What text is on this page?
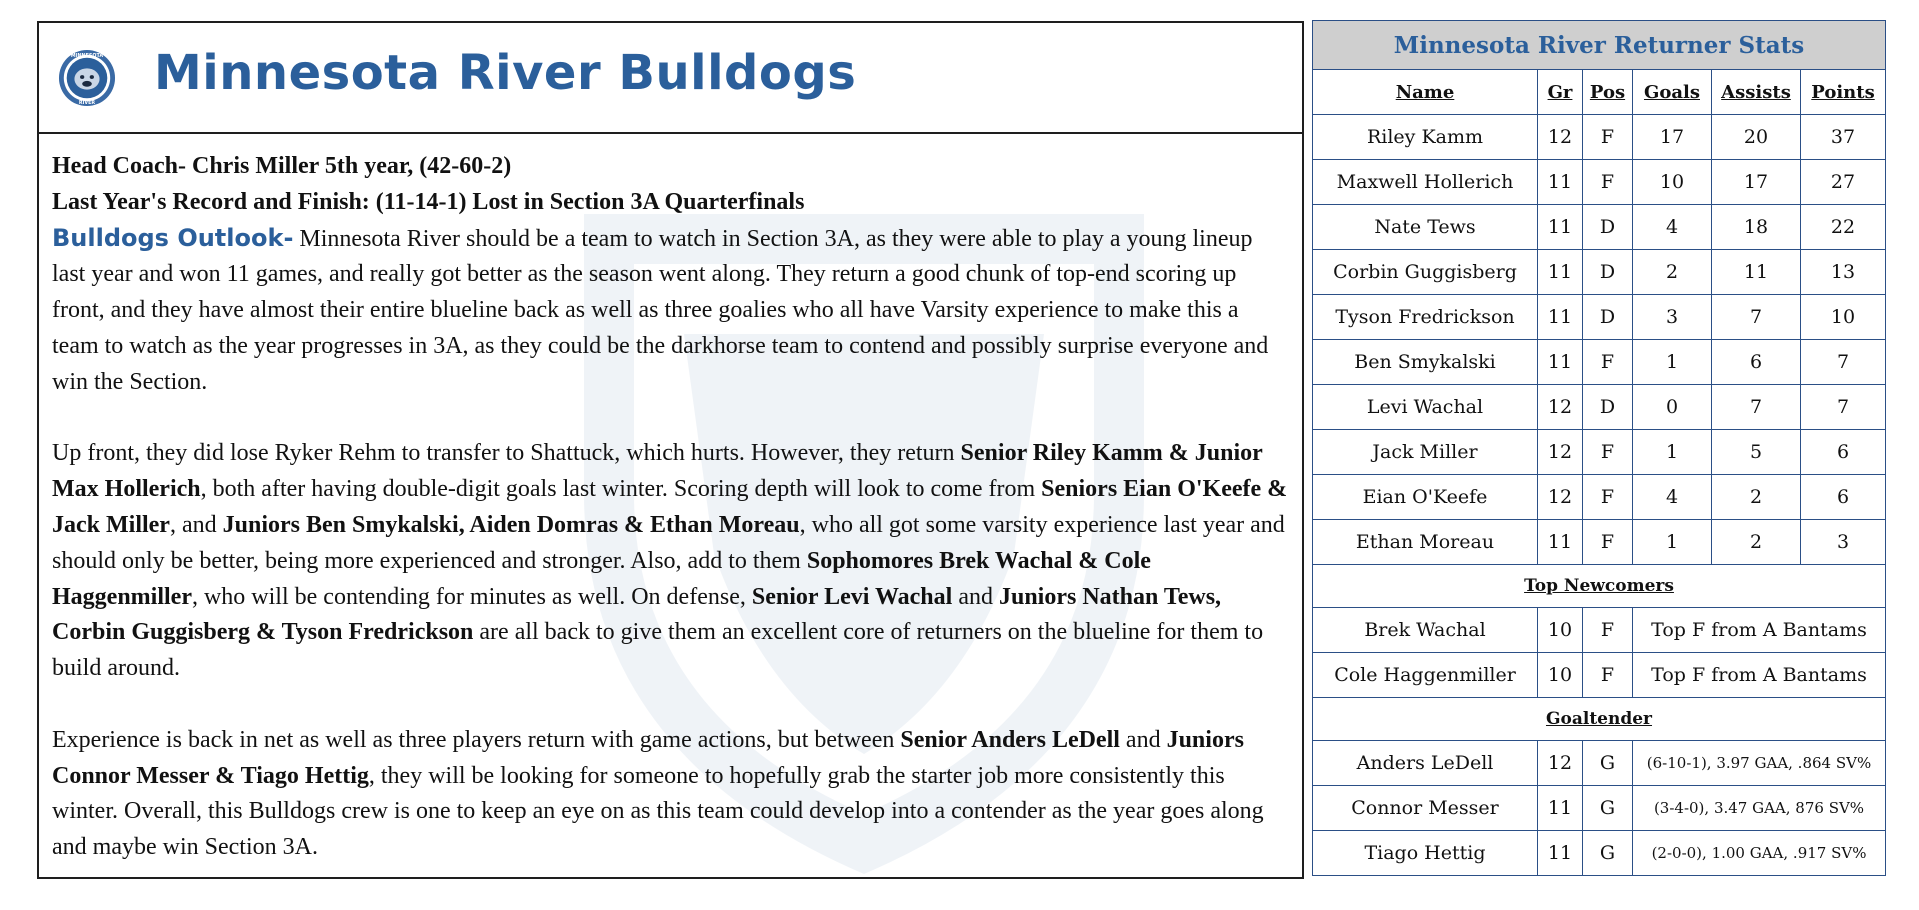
MINNESOTA
RIVER
Minnesota River Bulldogs
Head Coach- Chris Miller 5th year, (42-60-2)
Last Year's Record and Finish: (11-14-1) Lost in Section 3A Quarterfinals

Bulldogs Outlook- Minnesota River should be a team to watch in Section 3A, as they were able to play a young lineup last year and won 11 games, and really got better as the season went along. They return a good chunk of top-end scoring up front, and they have almost their entire blueline back as well as three goalies who all have Varsity experience to make this a team to watch as the year progresses in 3A, as they could be the darkhorse team to contend and possibly surprise everyone and win the Section.

Up front, they did lose Ryker Rehm to transfer to Shattuck, which hurts. However, they return Senior Riley Kamm & Junior Max Hollerich, both after having double-digit goals last winter. Scoring depth will look to come from Seniors Eian O'Keefe & Jack Miller, and Juniors Ben Smykalski, Aiden Domras & Ethan Moreau, who all got some varsity experience last year and should only be better, being more experienced and stronger. Also, add to them Sophomores Brek Wachal & Cole Haggenmiller, who will be contending for minutes as well. On defense, Senior Levi Wachal and Juniors Nathan Tews, Corbin Guggisberg & Tyson Fredrickson are all back to give them an excellent core of returners on the blueline for them to build around.

Experience is back in net as well as three players return with game actions, but between Senior Anders LeDell and Juniors Connor Messer & Tiago Hettig, they will be looking for someone to hopefully grab the starter job more consistently this winter. Overall, this Bulldogs crew is one to keep an eye on as this team could develop into a contender as the year goes along and maybe win Section 3A.

Minnesota River Returner Stats					
Name	Gr	Pos	Goals	Assists	Points
Riley Kamm	12	F	17	20	37
Maxwell Hollerich	11	F	10	17	27
Nate Tews	11	D	4	18	22
Corbin Guggisberg	11	D	2	11	13
Tyson Fredrickson	11	D	3	7	10
Ben Smykalski	11	F	1	6	7
Levi Wachal	12	D	0	7	7
Jack Miller	12	F	1	5	6
Eian O'Keefe	12	F	4	2	6
Ethan Moreau	11	F	1	2	3
Top Newcomers					
Brek Wachal	10	F	Top F from A Bantams		
Cole Haggenmiller	10	F	Top F from A Bantams		
Goaltender					
Anders LeDell	12	G	(6-10-1), 3.97 GAA, .864 SV%		
Connor Messer	11	G	(3-4-0), 3.47 GAA, 876 SV%		
Tiago Hettig	11	G	(2-0-0), 1.00 GAA, .917 SV%		
